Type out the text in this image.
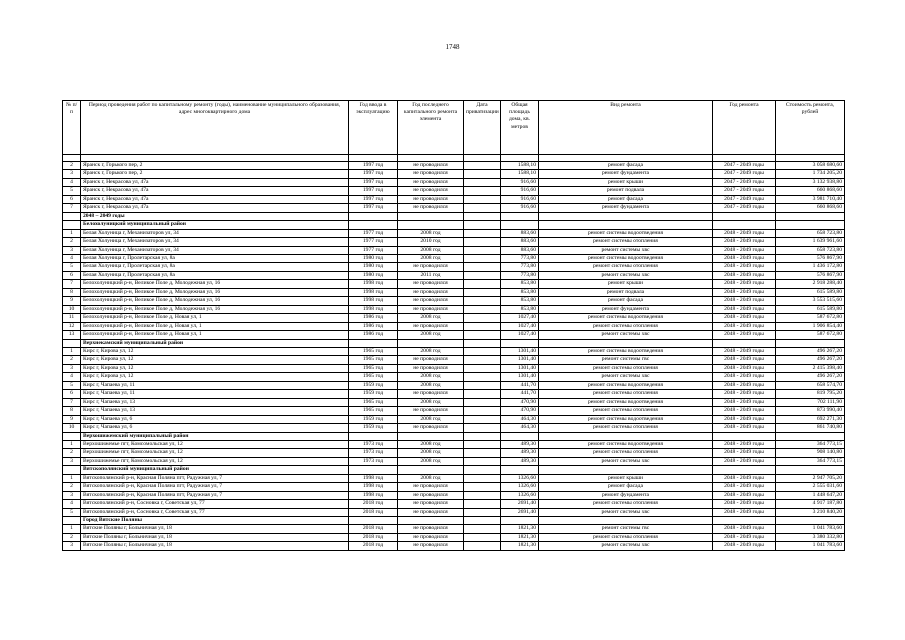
1748
№ п/п	Период проведения работ по капитальному ремонту (годы), наименование муниципального образования, адрес многоквартирного дома	Год ввода в эксплуатацию	Год последнего капитального ремонта элемента	Дата приватизации	Общая площадь дома, кв. метров	Вид ремонта	Год ремонта	Стоимость ремонта, рублей

2	Яранск г, Горького пер, 2	1997 год	не проводился		1588,10	ремонт фасада	2047 - 2049 годы	3 058 680,60
3	Яранск г, Горького пер, 2	1997 год	не проводился		1588,10	ремонт фундамента	2047 - 2049 годы	1 734 205,20
4	Яранск г, Некрасова ул, 47а	1997 год	не проводился		916,60	ремонт крыши	2047 - 2049 годы	3 132 938,80
5	Яранск г, Некрасова ул, 47а	1997 год	не проводился		916,60	ремонт подвала	2047 - 2049 годы	660 868,60
6	Яранск г, Некрасова ул, 47а	1997 год	не проводился		916,60	ремонт фасада	2047 - 2049 годы	3 981 710,40
7	Яранск г, Некрасова ул, 47а	1997 год	не проводился		916,60	ремонт фундамента	2047 - 2049 годы	660 868,60
	2048 – 2049 годы							
	Белохолуницкий муниципальный район							
1	Белая Холуница г, Механизаторов ул, 34	1977 год	2008 год		883,60	ремонт системы водоотведения	2048 - 2049 годы	658 723,80
2	Белая Холуница г, Механизаторов ул, 34	1977 год	2010 год		883,60	ремонт системы отопления	2048 - 2049 годы	1 639 961,60
3	Белая Холуница г, Механизаторов ул, 34	1977 год	2008 год		883,60	ремонт системы хвс	2048 - 2049 годы	658 723,80
4	Белая Холуница г, Пролетарская ул, 8а	1980 год	2008 год		773,80	ремонт системы водоотведения	2048 - 2049 годы	576 867,90
5	Белая Холуница г, Пролетарская ул, 8а	1980 год	не проводился		773,80	ремонт системы отопления	2048 - 2049 годы	1 436 172,80
6	Белая Холуница г, Пролетарская ул, 8а	1980 год	2011 год		773,80	ремонт системы хвс	2048 - 2049 годы	576 867,90
7	Белохолуницкий р-н, Великое Поле д, Молодежная ул, 16	1998 год	не проводился		853,80	ремонт крыши	2048 - 2049 годы	2 918 288,40
8	Белохолуницкий р-н, Великое Поле д, Молодежная ул, 16	1998 год	не проводился		853,80	ремонт подвала	2048 - 2049 годы	615 589,80
9	Белохолуницкий р-н, Великое Поле д, Молодежная ул, 16	1998 год	не проводился		853,80	ремонт фасада	2048 - 2049 годы	3 553 515,60
10	Белохолуницкий р-н, Великое Поле д, Молодежная ул, 16	1998 год	не проводился		853,80	ремонт фундамента	2048 - 2049 годы	615 589,80
11	Белохолуницкий р-н, Великое Поле д, Новая ул, 1	1986 год	2008 год		1027,40	ремонт системы водоотведения	2048 - 2049 годы	587 672,80
12	Белохолуницкий р-н, Великое Поле д, Новая ул, 1	1986 год	не проводился		1027,40	ремонт системы отопления	2048 - 2049 годы	1 906 854,40
13	Белохолуницкий р-н, Великое Поле д, Новая ул, 1	1986 год	2008 год		1027,40	ремонт системы хвс	2048 - 2049 годы	587 672,80
	Верхнекамский муниципальный район							
1	Кирс г, Кирова ул, 12	1965 год	2008 год		1301,40	ремонт системы водоотведения	2048 - 2049 годы	496 267,20
2	Кирс г, Кирова ул, 12	1965 год	не проводился		1301,40	ремонт системы гвс	2048 - 2049 годы	496 267,20
3	Кирс г, Кирова ул, 12	1965 год	не проводился		1301,40	ремонт системы отопления	2048 - 2049 годы	2 415 398,40
4	Кирс г, Кирова ул, 12	1965 год	2008 год		1301,40	ремонт системы хвс	2048 - 2049 годы	496 267,20
5	Кирс г, Чапаева ул, 11	1959 год	2008 год		441,70	ремонт системы водоотведения	2048 - 2049 годы	658 574,70
6	Кирс г, Чапаева ул, 11	1959 год	не проводился		441,70	ремонт системы отопления	2048 - 2049 годы	819 795,20
7	Кирс г, Чапаева ул, 13	1965 год	2008 год		470,90	ремонт системы водоотведения	2048 - 2049 годы	702 111,90
8	Кирс г, Чапаева ул, 13	1965 год	не проводился		470,90	ремонт системы отопления	2048 - 2049 годы	873 990,40
9	Кирс г, Чапаева ул, 6	1959 год	2008 год		464,30	ремонт системы водоотведения	2048 - 2049 годы	692 271,30
10	Кирс г, Чапаева ул, 6	1959 год	не проводился		464,30	ремонт системы отопления	2048 - 2049 годы	861 740,80
	Верхошижемский муниципальный район							
1	Верхошижемье пгт, Комсомольская ул, 12	1973 год	2008 год		489,30	ремонт системы водоотведения	2048 - 2049 годы	364 773,15
2	Верхошижемье пгт, Комсомольская ул, 12	1973 год	2008 год		489,30	ремонт системы отопления	2048 - 2049 годы	908 140,80
3	Верхошижемье пгт, Комсомольская ул, 12	1973 год	2008 год		489,30	ремонт системы хвс	2048 - 2049 годы	364 773,15
	Вятскополянский муниципальный район							
1	Вятскополянский р-н, Красная Поляна пгт, Радужная ул, 7	1998 год	2008 год		1326,60	ремонт крыши	2048 - 2049 годы	2 947 705,20
2	Вятскополянский р-н, Красная Поляна пгт, Радужная ул, 7	1998 год	не проводился		1326,60	ремонт фасада	2048 - 2049 годы	2 555 031,60
3	Вятскополянский р-н, Красная Поляна пгт, Радужная ул, 7	1998 год	не проводился		1326,60	ремонт фундамента	2048 - 2049 годы	1 448 647,20
4	Вятскополянский р-н, Сосновка г, Советская ул, 77	2018 год	не проводился		2691,40	ремонт системы отопления	2048 - 2049 годы	4 917 187,80
5	Вятскополянский р-н, Сосновка г, Советская ул, 77	2018 год	не проводился		2691,40	ремонт системы хвс	2048 - 2049 годы	3 210 840,20
	Город Вятские Поляны							
1	Вятские Поляны г, Больничная ул, 18	2018 год	не проводился		1821,30	ремонт системы гвс	2048 - 2049 годы	1 041 783,60
2	Вятские Поляны г, Больничная ул, 18	2018 год	не проводился		1821,30	ремонт системы отопления	2048 - 2049 годы	3 380 332,80
3	Вятские Поляны г, Больничная ул, 18	2018 год	не проводился		1821,30	ремонт системы хвс	2048 - 2049 годы	1 041 783,60
